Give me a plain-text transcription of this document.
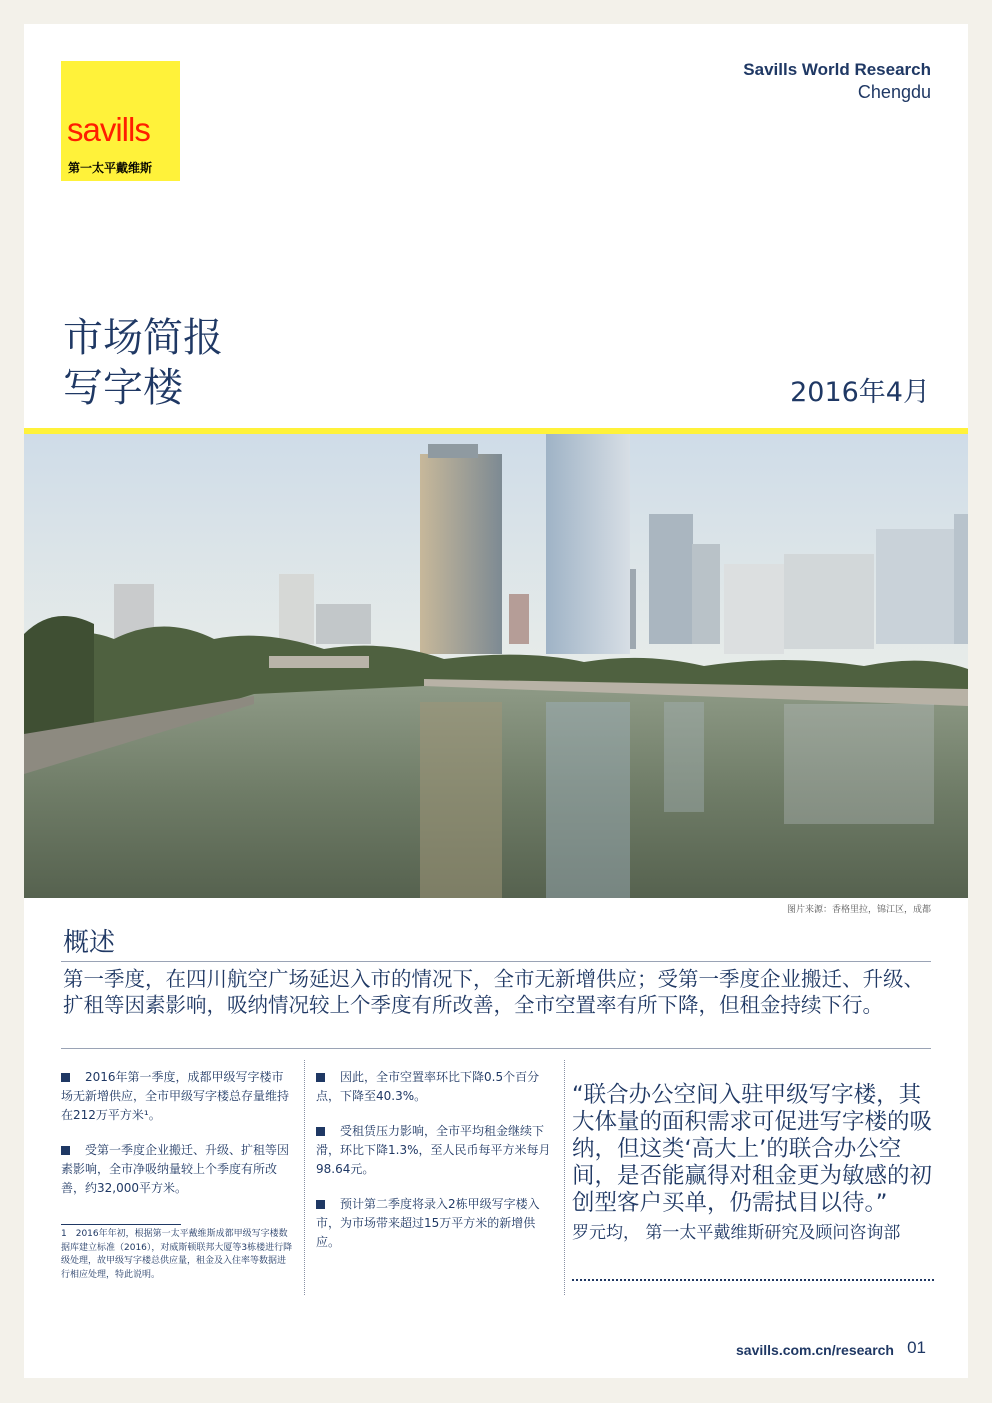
savills
第一太平戴维斯
Savills World Research
Chengdu
市场简报
写字楼	2016年4月
图片来源：香格里拉，锦江区，成都
概述
第一季度，在四川航空广场延迟入市的情况下，全市无新增供应；受第一季度企业搬迁、升级、扩租等因素影响，吸纳情况较上个季度有所改善，全市空置率有所下降，但租金持续下行。

2016年第一季度，成都甲级写字楼市场无新增供应，全市甲级写字楼总存量维持在212万平方米¹。

受第一季度企业搬迁、升级、扩租等因素影响，全市净吸纳量较上个季度有所改善，约32,000平方米。

1　2016年年初，根据第一太平戴维斯成都甲级写字楼数据库建立标准（2016），对威斯顿联邦大厦等3栋楼进行降级处理，故甲级写字楼总供应量，租金及入住率等数据进行相应处理，特此说明。

因此，全市空置率环比下降0.5个百分点，下降至40.3%。

受租赁压力影响，全市平均租金继续下滑，环比下降1.3%，至人民币每平方米每月98.64元。

预计第二季度将录入2栋甲级写字楼入市，为市场带来超过15万平方米的新增供应。

“联合办公空间入驻甲级写字楼，其大体量的面积需求可促进写字楼的吸纳，但这类‘高大上’的联合办公空间，是否能赢得对租金更为敏感的初创型客户买单，仍需拭目以待。”
罗元均， 第一太平戴维斯研究及顾问咨询部
savills.com.cn/research 01
